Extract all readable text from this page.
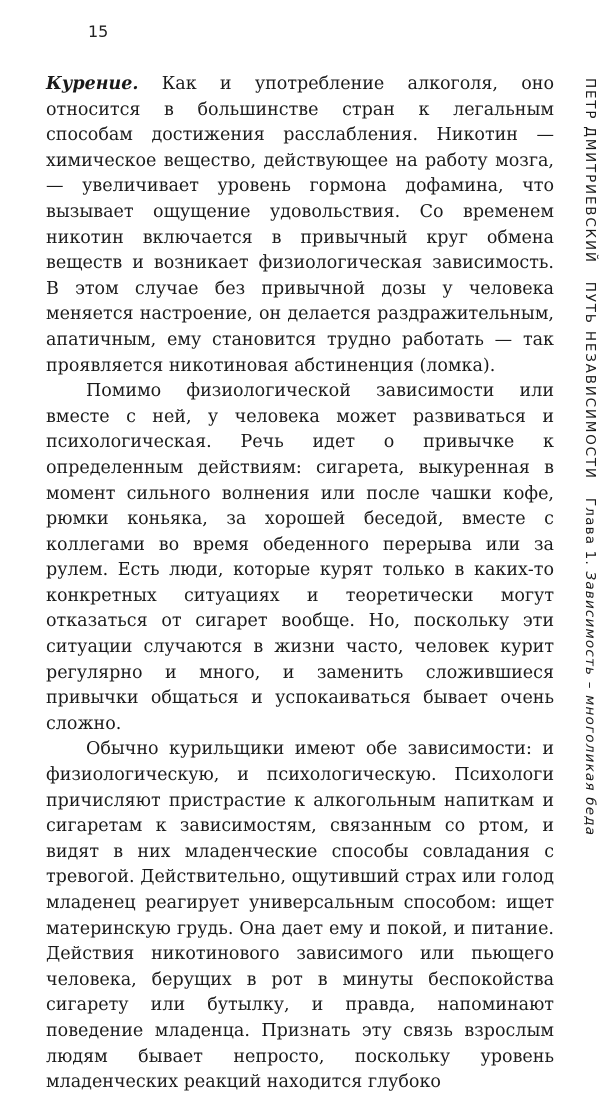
15

Курение. Как и употребление алкоголя, оно относится в большинстве стран к легальным способам достижения расслабления. Никотин — химическое вещество, действующее на работу мозга, — увеличивает уровень гормона дофамина, что вызывает ощущение удовольствия. Со временем никотин включается в привычный круг обмена веществ и возникает физиологическая зависимость. В этом случае без привычной дозы у человека меняется настроение, он делается раздражительным, апатичным, ему становится трудно работать — так проявляется никотиновая абстиненция (ломка).

Помимо физиологической зависимости или вместе с ней, у человека может развиваться и психологическая. Речь идет о привычке к определенным действиям: сигарета, выкуренная в момент сильного волнения или после чашки кофе, рюмки коньяка, за хорошей беседой, вместе с коллегами во время обеденного перерыва или за рулем. Есть люди, которые курят только в каких-то конкретных ситуациях и теоретически могут отказаться от сигарет вообще. Но, поскольку эти ситуации случаются в жизни часто, человек курит регулярно и много, и заменить сложившиеся привычки общаться и успокаиваться бывает очень сложно.

Обычно курильщики имеют обе зависимости: и физиологическую, и психологическую. Психологи причисляют пристрастие к алкогольным напиткам и сигаретам к зависимостям, связанным со ртом, и видят в них младенческие способы совладания с тревогой. Действительно, ощутивший страх или голод младенец реагирует универсальным способом: ищет материнскую грудь. Она дает ему и покой, и питание. Действия никотинового зависимого или пьющего человека, берущих в рот в минуты беспокойства сигарету или бутылку, и правда, напоминают поведение младенца. Признать эту связь взрослым людям бывает непросто, поскольку уровень младенческих реакций находится глубоко

ПЕТР ДМИТРИЕВСКИЙПУТЬ НЕЗАВИСИМОСТИГлава 1. Зависимость – многоликая беда
